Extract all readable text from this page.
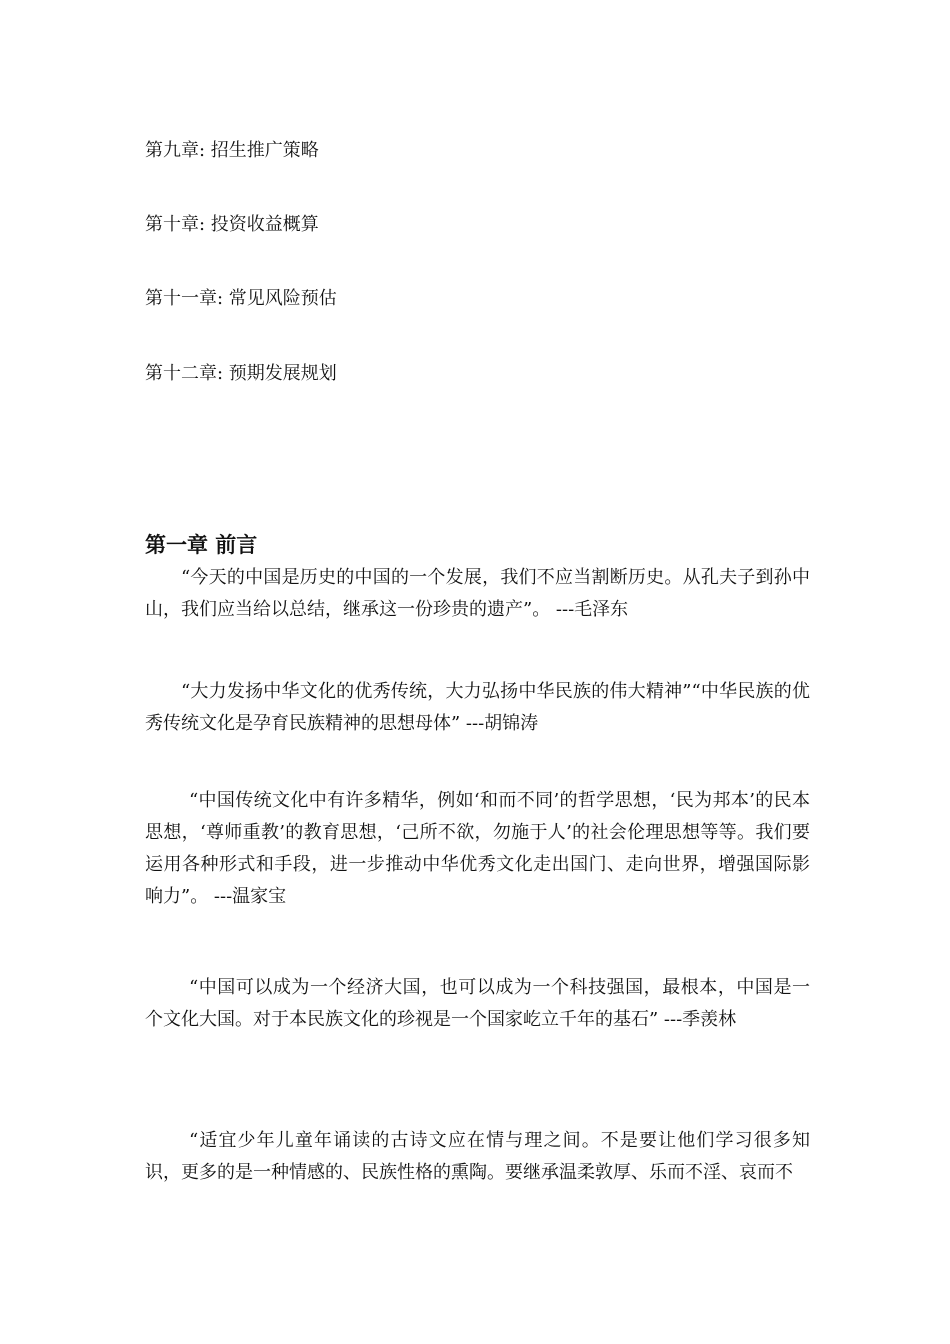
第九章: 招生推广策略
第十章: 投资收益概算
第十一章: 常见风险预估
第十二章: 预期发展规划
第一章 前言
“今天的中国是历史的中国的一个发展，我们不应当割断历史。从孔夫子到孙中山，我们应当给以总结，继承这一份珍贵的遗产”。 ---毛泽东
“大力发扬中华文化的优秀传统，大力弘扬中华民族的伟大精神”“中华民族的优秀传统文化是孕育民族精神的思想母体” ---胡锦涛
“中国传统文化中有许多精华，例如‘和而不同’的哲学思想，‘民为邦本’的民本思想，‘尊师重教’的教育思想，‘己所不欲，勿施于人’的社会伦理思想等等。我们要运用各种形式和手段，进一步推动中华优秀文化走出国门、走向世界，增强国际影响力”。 ---温家宝
“中国可以成为一个经济大国，也可以成为一个科技强国，最根本，中国是一个文化大国。对于本民族文化的珍视是一个国家屹立千年的基石” ---季羡林
“适宜少年儿童年诵读的古诗文应在情与理之间。不是要让他们学习很多知识，更多的是一种情感的、民族性格的熏陶。要继承温柔敦厚、乐而不淫、哀而不
